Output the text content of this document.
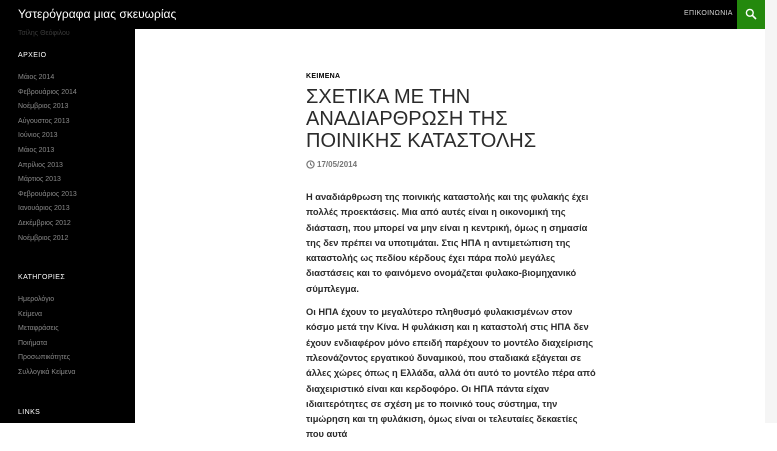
Υστερόγραφα μιας σκευωρίας	ΕΠΙΚΟΙΝΩΝΙΑ
Τσίλης Θεόφιλου
ΑΡΧΕΙΟ
Μάιος 2014
Φεβρουάριος 2014
Νοέμβριος 2013
Αύγουστος 2013
Ιούνιος 2013
Μάιος 2013
Απρίλιος 2013
Μάρτιος 2013
Φεβρουάριος 2013
Ιανουάριος 2013
Δεκέμβριος 2012
Νοέμβριος 2012
ΚΑΤΗΓΟΡΙΕΣ
Ημερολόγιο
Κείμενα
Μεταφράσεις
Ποιήματα
Προσωπικότητες
Συλλογικά Κείμενα
LINKS
ΚΕΙΜΕΝΑ
ΣΧΕΤΙΚΑ ΜΕ ΤΗΝ ΑΝΑΔΙΑΡΘΡΩΣΗ ΤΗΣ ΠΟΙΝΙΚΗΣ ΚΑΤΑΣΤΟΛΗΣ
17/05/2014

Η αναδιάρθρωση της ποινικής καταστολής και της φυλακής έχει πολλές προεκτάσεις. Μια από αυτές είναι η οικονομική της διάσταση, που μπορεί να μην είναι η κεντρική, όμως η σημασία της δεν πρέπει να υποτιμάται. Στις ΗΠΑ η αντιμετώπιση της καταστολής ως πεδίου κέρδους έχει πάρα πολύ μεγάλες διαστάσεις και το φαινόμενο ονομάζεται φυλακο-βιομηχανικό σύμπλεγμα.

Οι ΗΠΑ έχουν το μεγαλύτερο πληθυσμό φυλακισμένων στον κόσμο μετά την Κίνα. Η φυλάκιση και η καταστολή στις ΗΠΑ δεν έχουν ενδιαφέρον μόνο επειδή παρέχουν το μοντέλο διαχείρισης πλεονάζοντος εργατικού δυναμικού, που σταδιακά εξάγεται σε άλλες χώρες όπως η Ελλάδα, αλλά ότι αυτό το μοντέλο πέρα από διαχειριστικό είναι και κερδοφόρο. Οι ΗΠΑ πάντα είχαν ιδιαιτερότητες σε σχέση με το ποινικό τους σύστημα, την τιμώρηση και τη φυλάκιση, όμως είναι οι τελευταίες δεκαετίες που αυτά
